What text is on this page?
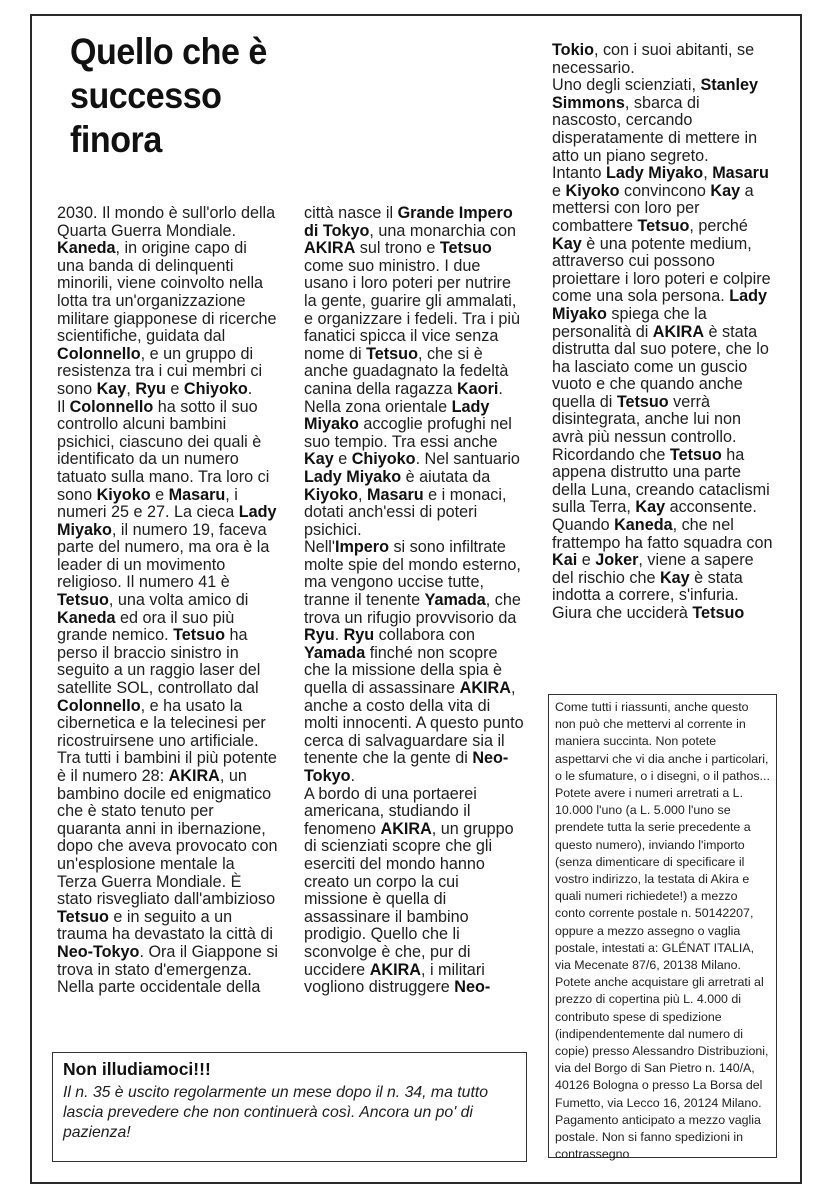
Quello che è
successo
finora
2030. Il mondo è sull'orlo della
Quarta Guerra Mondiale.
Kaneda, in origine capo di
una banda di delinquenti
minorili, viene coinvolto nella
lotta tra un'organizzazione
militare giapponese di ricerche
scientifiche, guidata dal
Colonnello, e un gruppo di
resistenza tra i cui membri ci
sono Kay, Ryu e Chiyoko.
Il Colonnello ha sotto il suo
controllo alcuni bambini
psichici, ciascuno dei quali è
identificato da un numero
tatuato sulla mano. Tra loro ci
sono Kiyoko e Masaru, i
numeri 25 e 27. La cieca Lady
Miyako, il numero 19, faceva
parte del numero, ma ora è la
leader di un movimento
religioso. Il numero 41 è
Tetsuo, una volta amico di
Kaneda ed ora il suo più
grande nemico. Tetsuo ha
perso il braccio sinistro in
seguito a un raggio laser del
satellite SOL, controllato dal
Colonnello, e ha usato la
cibernetica e la telecinesi per
ricostruirsene uno artificiale.
Tra tutti i bambini il più potente
è il numero 28: AKIRA, un
bambino docile ed enigmatico
che è stato tenuto per
quaranta anni in ibernazione,
dopo che aveva provocato con
un'esplosione mentale la
Terza Guerra Mondiale. È
stato risvegliato dall'ambizioso
Tetsuo e in seguito a un
trauma ha devastato la città di
Neo-Tokyo. Ora il Giappone si
trova in stato d'emergenza.
Nella parte occidentale della
città nasce il Grande Impero
di Tokyo, una monarchia con
AKIRA sul trono e Tetsuo
come suo ministro. I due
usano i loro poteri per nutrire
la gente, guarire gli ammalati,
e organizzare i fedeli. Tra i più
fanatici spicca il vice senza
nome di Tetsuo, che si è
anche guadagnato la fedeltà
canina della ragazza Kaori.
Nella zona orientale Lady
Miyako accoglie profughi nel
suo tempio. Tra essi anche
Kay e Chiyoko. Nel santuario
Lady Miyako è aiutata da
Kiyoko, Masaru e i monaci,
dotati anch'essi di poteri
psichici.
Nell'Impero si sono infiltrate
molte spie del mondo esterno,
ma vengono uccise tutte,
tranne il tenente Yamada, che
trova un rifugio provvisorio da
Ryu. Ryu collabora con
Yamada finché non scopre
che la missione della spia è
quella di assassinare AKIRA,
anche a costo della vita di
molti innocenti. A questo punto
cerca di salvaguardare sia il
tenente che la gente di Neo-
Tokyo.
A bordo di una portaerei
americana, studiando il
fenomeno AKIRA, un gruppo
di scienziati scopre che gli
eserciti del mondo hanno
creato un corpo la cui
missione è quella di
assassinare il bambino
prodigio. Quello che li
sconvolge è che, pur di
uccidere AKIRA, i militari
vogliono distruggere Neo-
Tokio, con i suoi abitanti, se
necessario.
Uno degli scienziati, Stanley
Simmons, sbarca di
nascosto, cercando
disperatamente di mettere in
atto un piano segreto.
Intanto Lady Miyako, Masaru
e Kiyoko convincono Kay a
mettersi con loro per
combattere Tetsuo, perché
Kay è una potente medium,
attraverso cui possono
proiettare i loro poteri e colpire
come una sola persona. Lady
Miyako spiega che la
personalità di AKIRA è stata
distrutta dal suo potere, che lo
ha lasciato come un guscio
vuoto e che quando anche
quella di Tetsuo verrà
disintegrata, anche lui non
avrà più nessun controllo.
Ricordando che Tetsuo ha
appena distrutto una parte
della Luna, creando cataclismi
sulla Terra, Kay acconsente.
Quando Kaneda, che nel
frattempo ha fatto squadra con
Kai e Joker, viene a sapere
del rischio che Kay è stata
indotta a correre, s'infuria.
Giura che ucciderà Tetsuo

Come tutti i riassunti, anche questo non può che mettervi al corrente in maniera succinta. Non potete aspettarvi che vi dia anche i particolari, o le sfumature, o i disegni, o il pathos...

Potete avere i numeri arretrati a L. 10.000 l'uno (a L. 5.000 l'uno se prendete tutta la serie precedente a questo numero), inviando l'importo (senza dimenticare di specificare il vostro indirizzo, la testata di Akira e quali numeri richiedete!) a mezzo conto corrente postale n. 50142207, oppure a mezzo assegno o vaglia postale, intestati a: GLÉNAT ITALIA, via Mecenate 87/6, 20138 Milano.

Potete anche acquistare gli arretrati al prezzo di copertina più L. 4.000 di contributo spese di spedizione (indipendentemente dal numero di copie) presso Alessandro Distribuzioni, via del Borgo di San Pietro n. 140/A, 40126 Bologna o presso La Borsa del Fumetto, via Lecco 16, 20124 Milano.

Pagamento anticipato a mezzo vaglia postale. Non si fanno spedizioni in contrassegno

Non illudiamoci!!!
Il n. 35 è uscito regolarmente un mese dopo il n. 34, ma tutto lascia prevedere che non continuerà così. Ancora un po' di pazienza!
